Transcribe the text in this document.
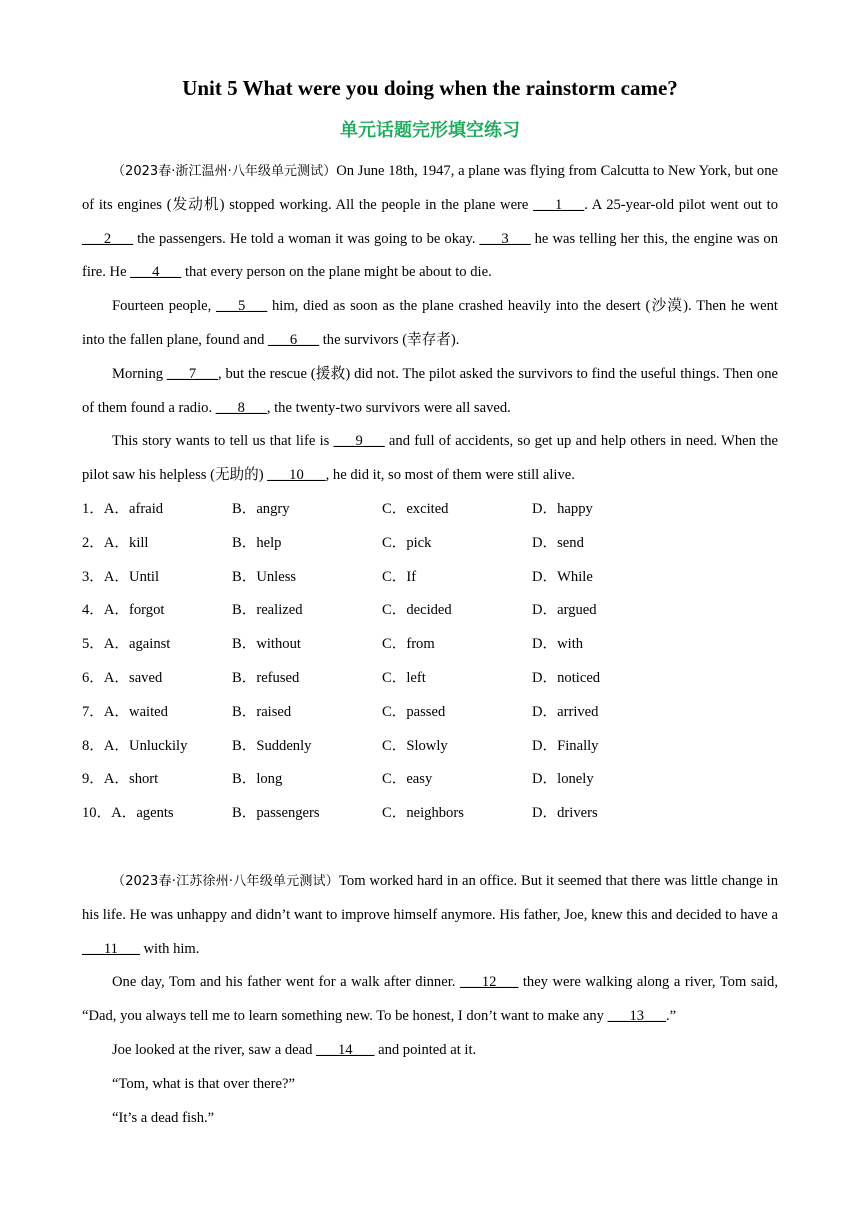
Unit 5 What were you doing when the rainstorm came?
单元话题完形填空练习

（2023春·浙江温州·八年级单元测试）On June 18th, 1947, a plane was flying from Calcutta to New York, but one of its engines (发动机) stopped working. All the people in the plane were ___1___. A 25-year-old pilot went out to ___2___ the passengers. He told a woman it was going to be okay. ___3___ he was telling her this, the engine was on fire. He ___4___ that every person on the plane might be about to die.

Fourteen people, ___5___ him, died as soon as the plane crashed heavily into the desert (沙漠). Then he went into the fallen plane, found and ___6___ the survivors (幸存者).

Morning ___7___, but the rescue (援救) did not. The pilot asked the survivors to find the useful things. Then one of them found a radio. ___8___, the twenty-two survivors were all saved.

This story wants to tell us that life is ___9___ and full of accidents, so get up and help others in need. When the pilot saw his helpless (无助的) ___10___, he did it, so most of them were still alive.

1．A．afraid	B．angry	C．excited	D．happy
2．A．kill	B．help	C．pick	D．send
3．A．Until	B．Unless	C．If	D．While
4．A．forgot	B．realized	C．decided	D．argued
5．A．against	B．without	C．from	D．with
6．A．saved	B．refused	C．left	D．noticed
7．A．waited	B．raised	C．passed	D．arrived
8．A．Unluckily	B．Suddenly	C．Slowly	D．Finally
9．A．short	B．long	C．easy	D．lonely
10．A．agents	B．passengers	C．neighbors	D．drivers

（2023春·江苏徐州·八年级单元测试）Tom worked hard in an office. But it seemed that there was little change in his life. He was unhappy and didn’t want to improve himself anymore. His father, Joe, knew this and decided to have a ___11___ with him.

One day, Tom and his father went for a walk after dinner. ___12___ they were walking along a river, Tom said, “Dad, you always tell me to learn something new. To be honest, I don’t want to make any ___13___.”

Joe looked at the river, saw a dead ___14___ and pointed at it.

“Tom, what is that over there?”

“It’s a dead fish.”
